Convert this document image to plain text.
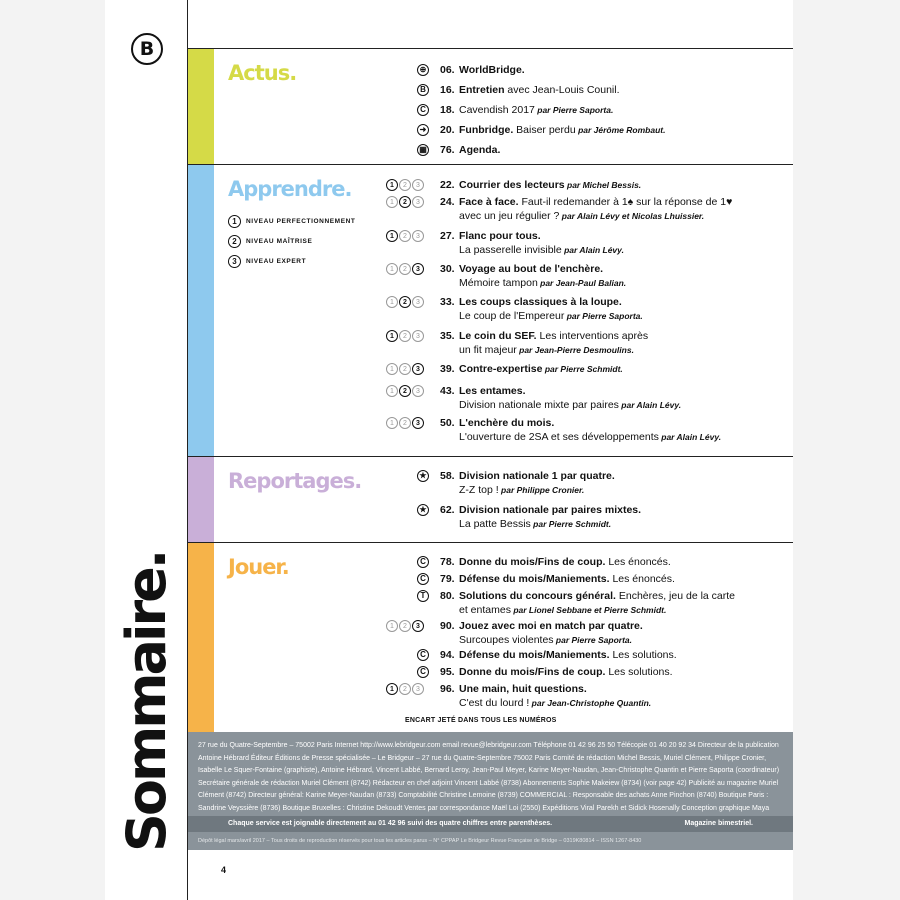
B
Sommaire.
Actus.	⊕ 06. WorldBridge.
B 16. Entretien avec Jean-Louis Counil.
C 18. Cavendish 2017 par Pierre Saporta.
➜ 20. Funbridge. Baiser perdu par Jérôme Rombaut.
▦ 76. Agenda.
Apprendre.
1	NIVEAU PERFECTIONNEMENT
2	NIVEAU MAÎTRISE
3	NIVEAU EXPERT
1	2	3	22. Courrier des lecteurs par Michel Bessis.
1	2	3	24. Face à face. Faut-il redemander à 1♠ sur la réponse de 1♥
avec un jeu régulier ? par Alain Lévy et Nicolas Lhuissier.
1	2	3	27. Flanc pour tous.
La passerelle invisible par Alain Lévy.
1	2	3	30. Voyage au bout de l'enchère.
Mémoire tampon par Jean-Paul Balian.
1	2	3	33. Les coups classiques à la loupe.
Le coup de l'Empereur par Pierre Saporta.
1	2	3	35. Le coin du SEF. Les interventions après
un fit majeur par Jean-Pierre Desmoulins.
1	2	3	39. Contre-expertise par Pierre Schmidt.
1	2	3	43. Les entames.
Division nationale mixte par paires par Alain Lévy.
1	2	3	50. L'enchère du mois.
L'ouverture de 2SA et ses développements par Alain Lévy.
Reportages.	★ 58. Division nationale 1 par quatre.
Z-Z top ! par Philippe Cronier.
★ 62. Division nationale par paires mixtes.
La patte Bessis par Pierre Schmidt.
Jouer.	C 78. Donne du mois/Fins de coup. Les énoncés.
C 79. Défense du mois/Maniements. Les énoncés.
T	80. Solutions du concours général. Enchères, jeu de la carte
et entames par Lionel Sebbane et Pierre Schmidt.
1	2	3	90. Jouez avec moi en match par quatre.
Surcoupes violentes par Pierre Saporta.
C 94. Défense du mois/Maniements. Les solutions.
C 95. Donne du mois/Fins de coup. Les solutions.
1	2	3	96. Une main, huit questions.
C'est du lourd ! par Jean-Christophe Quantin.
ENCART JETÉ DANS TOUS LES NUMÉROS
27 rue du Quatre-Septembre – 75002 Paris Internet http://www.lebridgeur.com email revue@lebridgeur.com Téléphone 01 42 96 25 50 Télécopie 01 40 20 92 34 Directeur de la publication Antoine Hébrard Éditeur Éditions de Presse spécialisée – Le Bridgeur – 27 rue du Quatre-Septembre 75002 Paris Comité de rédaction Michel Bessis, Muriel Clément, Philippe Cronier, Isabelle Le Squer-Fontaine (graphiste), Antoine Hébrard, Vincent Labbé, Bernard Leroy, Jean-Paul Meyer, Karine Meyer-Naudan, Jean-Christophe Quantin et Pierre Saporta (coordinateur) Secrétaire générale de rédaction Muriel Clément (8742) Rédacteur en chef adjoint Vincent Labbé (8738) Abonnements Sophie Makeiew (8734) (voir page 42) Publicité au magazine Muriel Clément (8742) Directeur général: Karine Meyer-Naudan (8733) Comptabilité Christine Lemoine (8739) COMMERCIAL : Responsable des achats Anne Pinchon (8740) Boutique Paris : Sandrine Veyssière (8736) Boutique Bruxelles : Christine Dekoudt Ventes par correspondance Maël Loi (2550) Expéditions Viral Parekh et Sidick Hosenally Conception graphique Maya
Chaque service est joignable directement au 01 42 96 suivi des quatre chiffres entre parenthèses.	Magazine bimestriel.
Dépôt légal mars/avril 2017 – Tous droits de reproduction réservés pour tous les articles parus – N° CPPAP Le Bridgeur Revue Française de Bridge – 0319K80814 – ISSN 1267-8430
4
